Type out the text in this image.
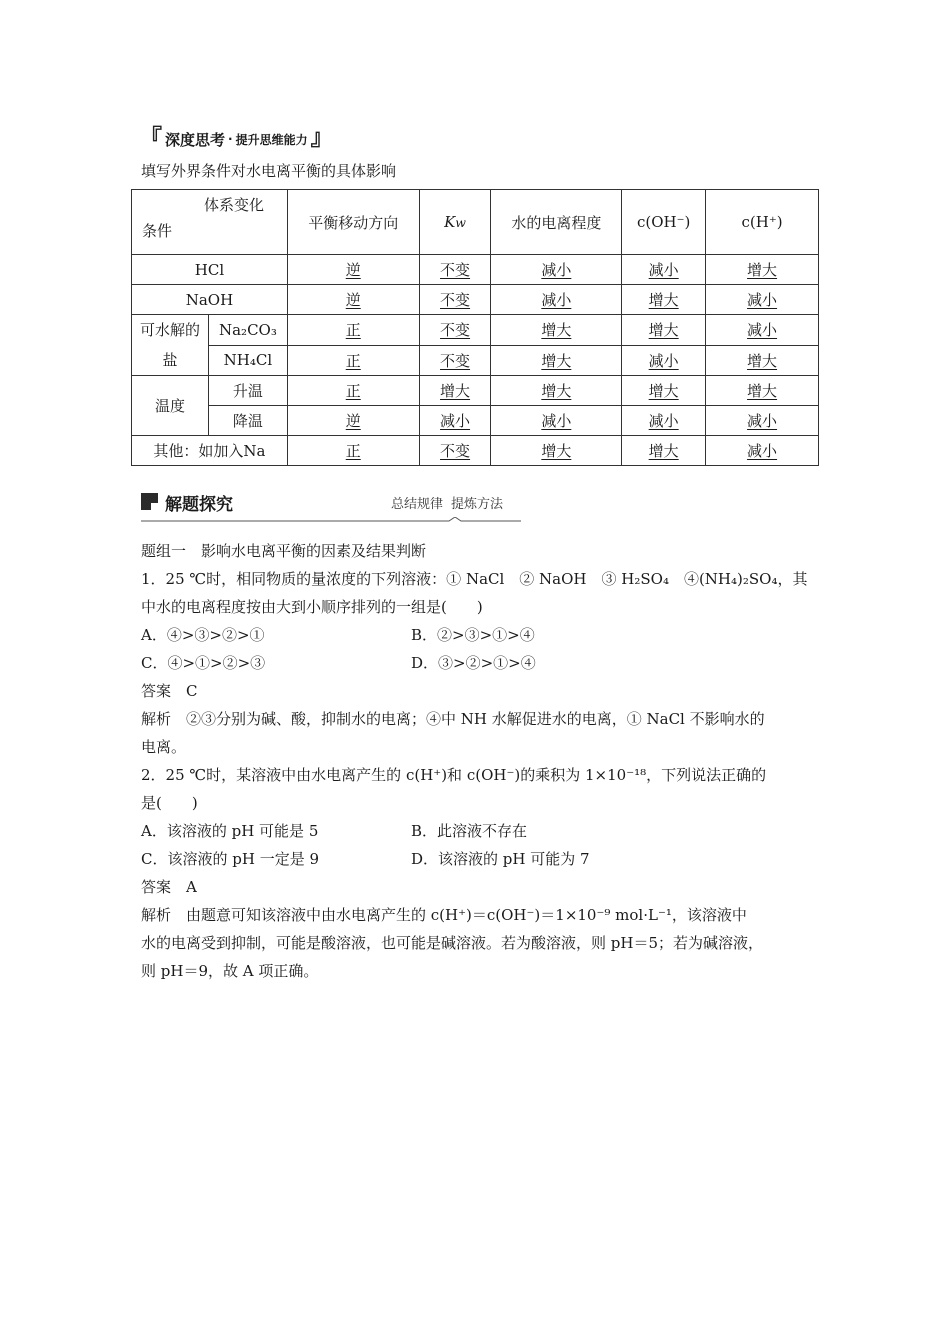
『 深度思考 · 提升思维能力 』
填写外界条件对水电离平衡的具体影响
体系变化
条件		平衡移动方向	Kw	水的电离程度	c(OH⁻)	c(H⁺)
HCl		逆	不变	减小	减小	增大
NaOH		逆	不变	减小	增大	减小

可水解的盐	Na₂CO₃	正	不变	增大	增大	减小
	NH₄Cl	正	不变	增大	减小	增大
温度	升温	正	增大	增大	增大	增大
	降温	逆	减小	减小	减小	减小
其他：如加入Na		正	不变	增大	增大	减小
解题探究	总结规律 提炼方法

题组一　影响水电离平衡的因素及结果判断

1．25 ℃时，相同物质的量浓度的下列溶液：① NaCl　② NaOH　③ H₂SO₄　④(NH₄)₂SO₄，其

中水的电离程度按由大到小顺序排列的一组是(　　)

A．④>③>②>①	B．②>③>①>④

C．④>①>②>③	D．③>②>①>④

答案　C

解析　②③分别为碱、酸，抑制水的电离；④中 NH 水解促进水的电离，① NaCl 不影响水的

电离。

2．25 ℃时，某溶液中由水电离产生的 c(H⁺)和 c(OH⁻)的乘积为 1×10⁻¹⁸，下列说法正确的

是(　　)

A．该溶液的 pH 可能是 5	B．此溶液不存在

C．该溶液的 pH 一定是 9	D．该溶液的 pH 可能为 7

答案　A

解析　由题意可知该溶液中由水电离产生的 c(H⁺)＝c(OH⁻)＝1×10⁻⁹ mol·L⁻¹，该溶液中

水的电离受到抑制，可能是酸溶液，也可能是碱溶液。若为酸溶液，则 pH＝5；若为碱溶液，

则 pH＝9，故 A 项正确。
